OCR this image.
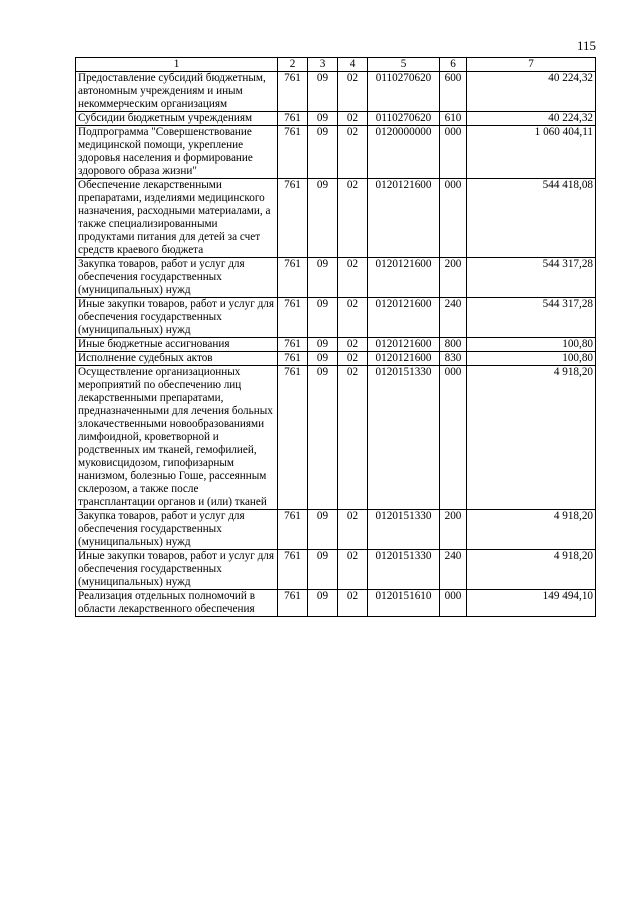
115
1	2	3	4	5	6	7
Предоставление субсидий бюджетным, автономным учреждениям и иным некоммерческим организациям	761	09	02	0110270620	600	40 224,32
Субсидии бюджетным учреждениям	761	09	02	0110270620	610	40 224,32
Подпрограмма "Совершенствование медицинской помощи, укрепление здоровья населения и формирование здорового образа жизни"	761	09	02	0120000000	000	1 060 404,11
Обеспечение лекарственными препаратами, изделиями медицинского назначения, расходными материалами, а также специализированными продуктами питания для детей за счет средств краевого бюджета	761	09	02	0120121600	000	544 418,08
Закупка товаров, работ и услуг для обеспечения государственных (муниципальных) нужд	761	09	02	0120121600	200	544 317,28
Иные закупки товаров, работ и услуг для обеспечения государственных (муниципальных) нужд	761	09	02	0120121600	240	544 317,28
Иные бюджетные ассигнования	761	09	02	0120121600	800	100,80
Исполнение судебных актов	761	09	02	0120121600	830	100,80
Осуществление организационных мероприятий по обеспечению лиц лекарственными препаратами, предназначенными для лечения больных злокачественными новообразованиями лимфоидной, кроветворной и родственных им тканей, гемофилией, муковисцидозом, гипофизарным нанизмом, болезнью Гоше, рассеянным склерозом, а также после трансплантации органов и (или) тканей	761	09	02	0120151330	000	4 918,20
Закупка товаров, работ и услуг для обеспечения государственных (муниципальных) нужд	761	09	02	0120151330	200	4 918,20
Иные закупки товаров, работ и услуг для обеспечения государственных (муниципальных) нужд	761	09	02	0120151330	240	4 918,20
Реализация отдельных полномочий в области лекарственного обеспечения	761	09	02	0120151610	000	149 494,10
